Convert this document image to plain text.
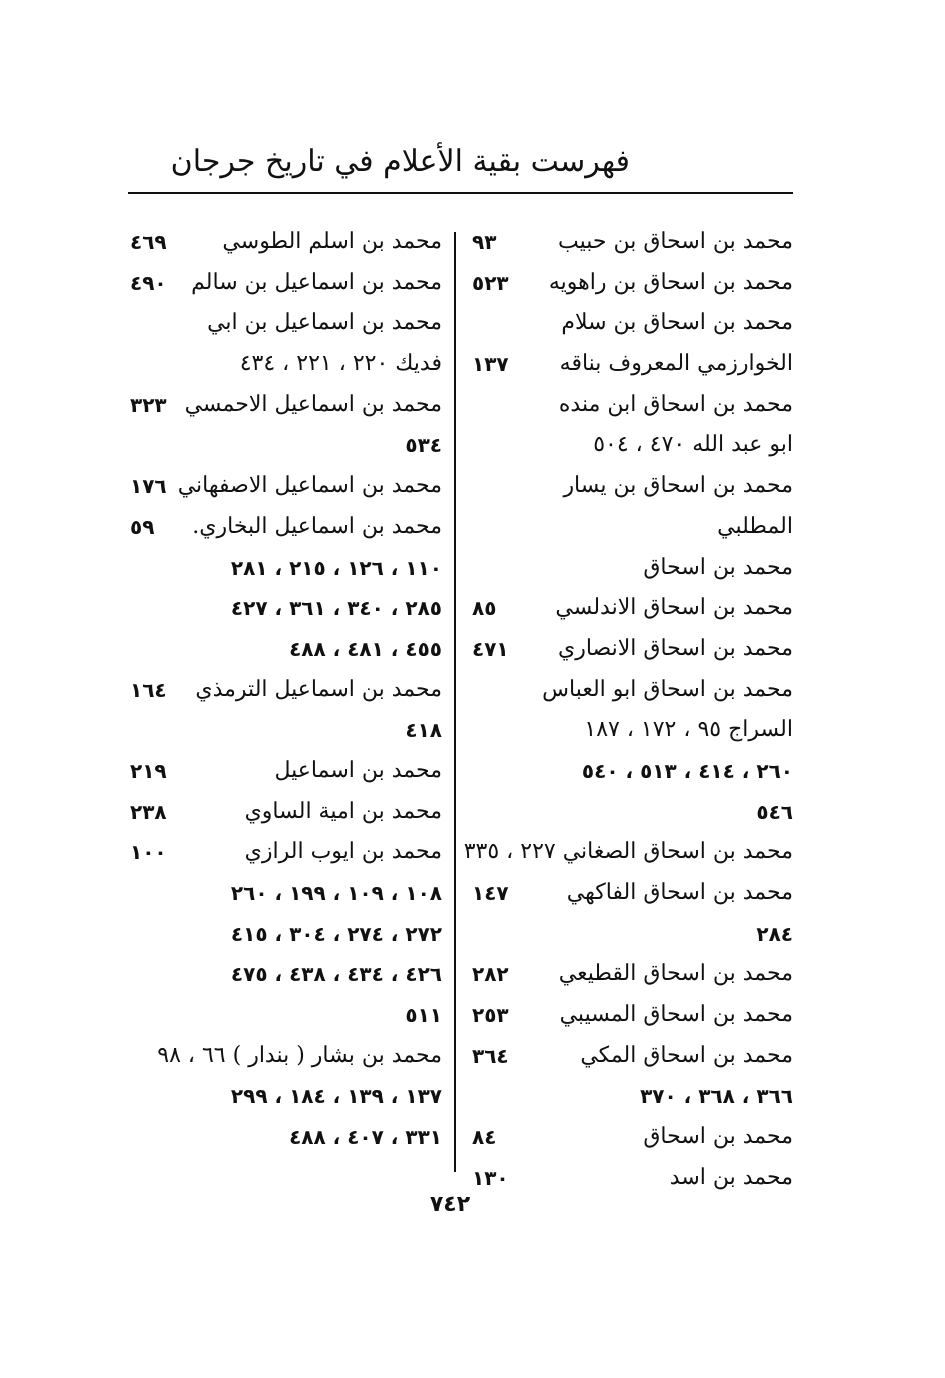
فهرست بقية الأعلام في تاريخ جرجان
محمد بن اسحاق بن حبيب
٩٣
محمد بن اسحاق بن راهويه
٥٢٣
محمد بن اسحاق بن سلام
الخوارزمي المعروف بناقه
١٣٧
محمد بن اسحاق ابن منده
ابو عبد الله ٤٧٠ ، ٥٠٤
محمد بن اسحاق بن يسار
المطلبي
محمد بن اسحاق
محمد بن اسحاق الاندلسي
٨٥
محمد بن اسحاق الانصاري
٤٧١
محمد بن اسحاق ابو العباس
السراج ٩٥ ، ١٧٢ ، ١٨٧
٢٦٠ ، ٤١٤ ، ٥١٣ ، ٥٤٠
٥٤٦
محمد بن اسحاق الصغاني ٢٢٧ ، ٣٣٥
محمد بن اسحاق الفاكهي
١٤٧
٢٨٤
محمد بن اسحاق القطيعي
٢٨٢
محمد بن اسحاق المسيبي
٢٥٣
محمد بن اسحاق المكي
٣٦٤
٣٦٦ ، ٣٦٨ ، ٣٧٠
محمد بن اسحاق
٨٤
محمد بن اسد
١٣٠
محمد بن اسلم الطوسي
٤٦٩
محمد بن اسماعيل بن سالم
٤٩٠
محمد بن اسماعيل بن ابي
فديك ٢٢٠ ، ٢٢١ ، ٤٣٤
محمد بن اسماعيل الاحمسي
٣٢٣
٥٣٤
محمد بن اسماعيل الاصفهاني
١٧٦
محمد بن اسماعيل البخاري.
٥٩
١١٠ ، ١٢٦ ، ٢١٥ ، ٢٨١
٢٨٥ ، ٣٤٠ ، ٣٦١ ، ٤٢٧
٤٥٥ ، ٤٨١ ، ٤٨٨
محمد بن اسماعيل الترمذي
١٦٤
٤١٨
محمد بن اسماعيل
٢١٩
محمد بن امية الساوي
٢٣٨
محمد بن ايوب الرازي
١٠٠
١٠٨ ، ١٠٩ ، ١٩٩ ، ٢٦٠
٢٧٢ ، ٢٧٤ ، ٣٠٤ ، ٤١٥
٤٢٦ ، ٤٣٤ ، ٤٣٨ ، ٤٧٥
٥١١
محمد بن بشار ( بندار ) ٦٦ ، ٩٨
١٣٧ ، ١٣٩ ، ١٨٤ ، ٢٩٩
٣٣١ ، ٤٠٧ ، ٤٨٨
٧٤٢
